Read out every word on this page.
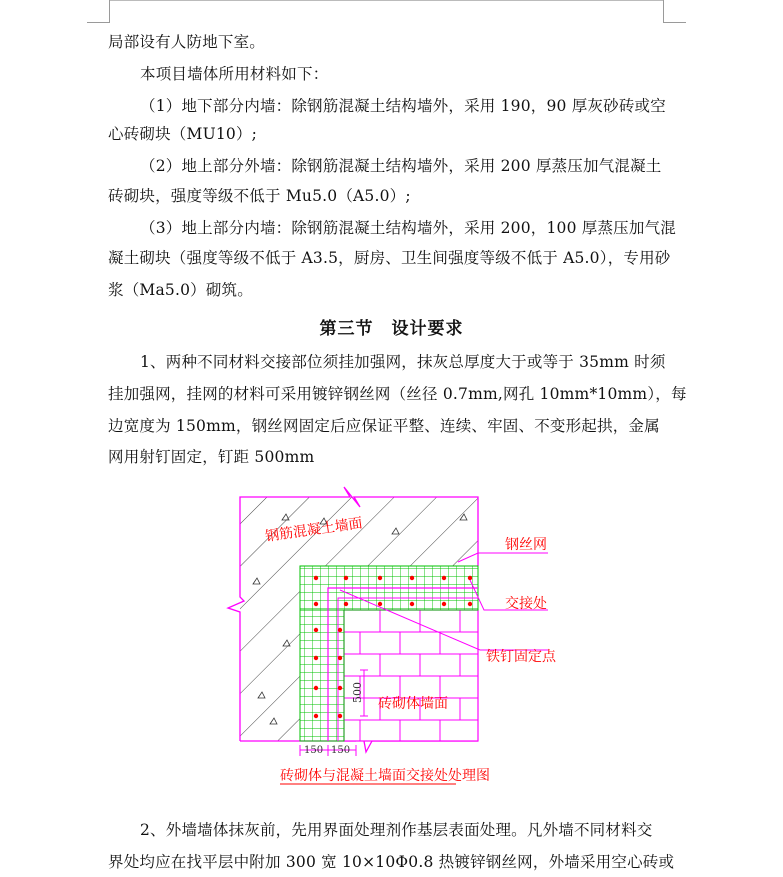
局部设有人防地下室。
本项目墙体所用材料如下：
（1）地下部分内墙：除钢筋混凝土结构墙外，采用 190，90 厚灰砂砖或空
心砖砌块（MU10）;
（2）地上部分外墙：除钢筋混凝土结构墙外，采用 200 厚蒸压加气混凝土
砖砌块，强度等级不低于 Mu5.0（A5.0）;
（3）地上部分内墙：除钢筋混凝土结构墙外，采用 200，100 厚蒸压加气混
凝土砌块（强度等级不低于 A3.5，厨房、卫生间强度等级不低于 A5.0），专用砂
浆（Ma5.0）砌筑。
第三节 设计要求
1、两种不同材料交接部位须挂加强网，抹灰总厚度大于或等于 35mm 时须
挂加强网，挂网的材料可采用镀锌钢丝网（丝径 0.7mm,网孔 10mm*10mm），每
边宽度为 150mm，钢丝网固定后应保证平整、连续、牢固、不变形起拱，金属
网用射钉固定，钉距 500mm
钢筋混凝土墙面
钢丝网
交接处
铁钉固定点
砖砌体墙面
500
150 150
砖砌体与混凝土墙面交接处处理图
2、外墙墙体抹灰前，先用界面处理剂作基层表面处理。凡外墙不同材料交
界处均应在找平层中附加 300 宽 10×10Φ0.8 热镀锌钢丝网，外墙采用空心砖或
